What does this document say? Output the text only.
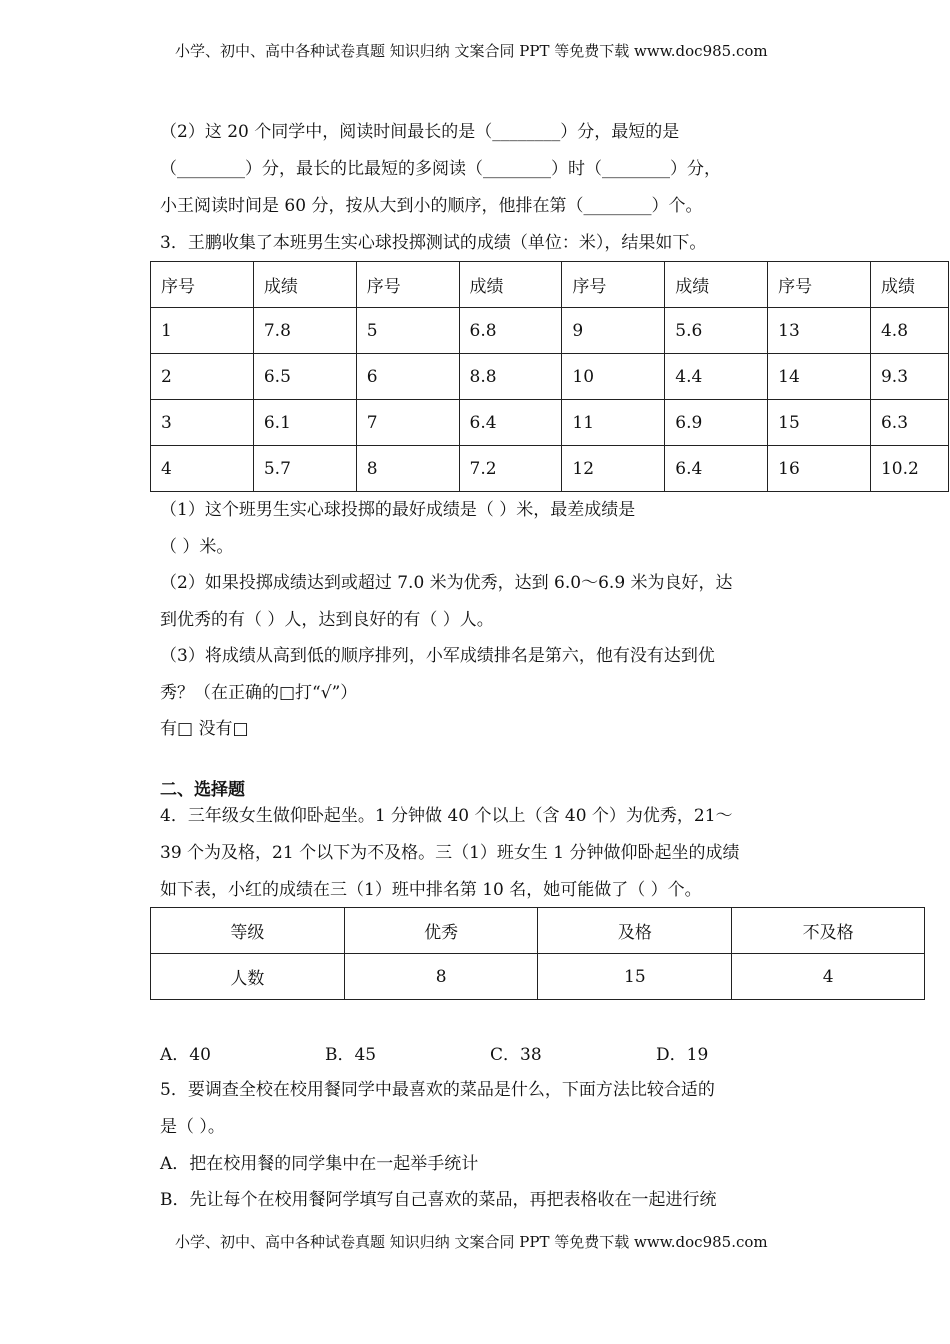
小学、初中、高中各种试卷真题 知识归纳 文案合同 PPT 等免费下载 www.doc985.com
（2）这 20 个同学中，阅读时间最长的是（________）分，最短的是
（________）分，最长的比最短的多阅读（________）时（________）分，
小王阅读时间是 60 分，按从大到小的顺序，他排在第（________）个。
3．王鹏收集了本班男生实心球投掷测试的成绩（单位：米），结果如下。
序号	成绩	序号	成绩	序号	成绩	序号	成绩
1	7.8	5	6.8	9	5.6	13	4.8
2	6.5	6	8.8	10	4.4	14	9.3
3	6.1	7	6.4	11	6.9	15	6.3
4	5.7	8	7.2	12	6.4	16	10.2
（1）这个班男生实心球投掷的最好成绩是（ ）米，最差成绩是
（ ）米。
（2）如果投掷成绩达到或超过 7.0 米为优秀，达到 6.0～6.9 米为良好，达
到优秀的有（ ）人，达到良好的有（ ）人。
（3）将成绩从高到低的顺序排列，小军成绩排名是第六，他有没有达到优
秀？（在正确的□打“√”）
有□ 没有□
二、选择题
4．三年级女生做仰卧起坐。1 分钟做 40 个以上（含 40 个）为优秀，21～
39 个为及格，21 个以下为不及格。三（1）班女生 1 分钟做仰卧起坐的成绩
如下表，小红的成绩在三（1）班中排名第 10 名，她可能做了（ ）个。
等级	优秀	及格	不及格
人数	8	15	4
A．40	B．45	C．38	D．19
5．要调查全校在校用餐同学中最喜欢的菜品是什么，下面方法比较合适的
是（ ）。
A．把在校用餐的同学集中在一起举手统计
B．先让每个在校用餐阿学填写自己喜欢的菜品，再把表格收在一起进行统
小学、初中、高中各种试卷真题 知识归纳 文案合同 PPT 等免费下载 www.doc985.com
